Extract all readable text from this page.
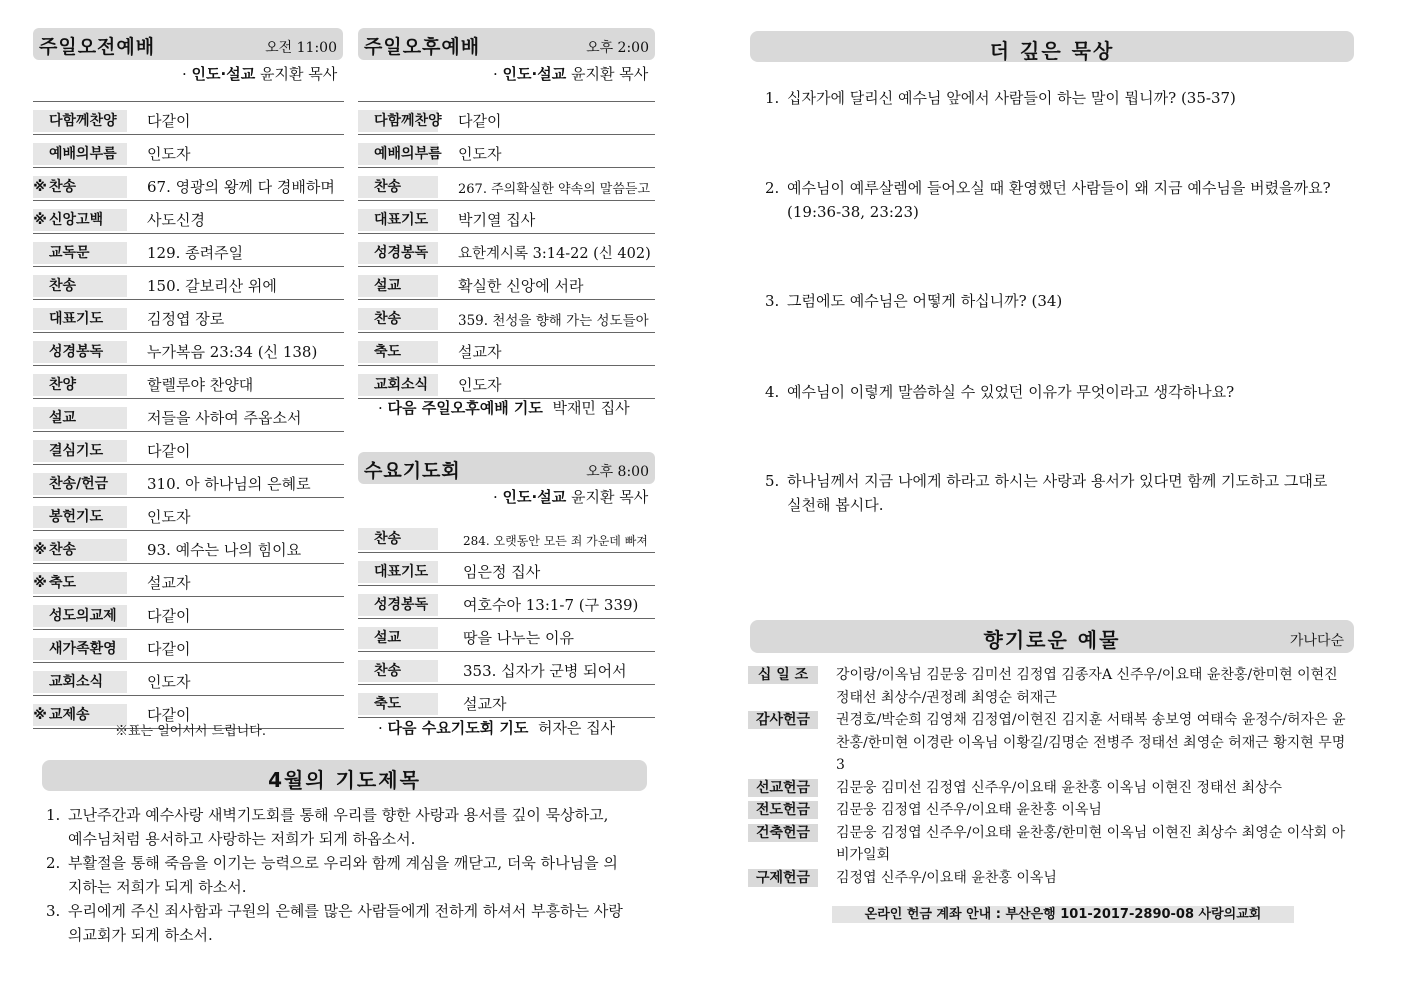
주일오전예배	오전 11:00
· 인도·설교 윤지환 목사
다함께찬양	다같이
예배의부름	인도자
※ 찬송	67. 영광의 왕께 다 경배하며
※ 신앙고백	사도신경
교독문	129. 종려주일
찬송	150. 갈보리산 위에
대표기도	김정엽 장로
성경봉독	누가복음 23:34 (신 138)
찬양	할렐루야 찬양대
설교	저들을 사하여 주옵소서
결심기도	다같이
찬송/헌금	310. 아 하나님의 은혜로
봉헌기도	인도자
※ 찬송	93. 예수는 나의 힘이요
※ 축도	설교자
성도의교제	다같이
새가족환영	다같이
교회소식	인도자
※ 교제송	다같이
※표는 일어서서 드립니다.
주일오후예배	오후 2:00
· 인도·설교 윤지환 목사
다함께찬양 다같이
예배의부름 인도자
찬송	267. 주의확실한 약속의 말씀듣고
대표기도	박기열 집사
성경봉독	요한계시록 3:14-22 (신 402)
설교	확실한 신앙에 서라
찬송	359. 천성을 향해 가는 성도들아
축도	설교자
교회소식	인도자
· 다음 주일오후예배 기도 박재민 집사
수요기도회	오후 8:00
· 인도·설교 윤지환 목사
찬송	284. 오랫동안 모든 죄 가운데 빠져
대표기도	임은정 집사
성경봉독	여호수아 13:1-7 (구 339)
설교	땅을 나누는 이유
찬송	353. 십자가 군병 되어서
축도	설교자
· 다음 수요기도회 기도 허자은 집사
4월의 기도제목
1. 고난주간과 예수사랑 새벽기도회를 통해 우리를 향한 사랑과 용서를 깊이 묵상하고, 예수님처럼 용서하고 사랑하는 저희가 되게 하옵소서.
2. 부활절을 통해 죽음을 이기는 능력으로 우리와 함께 계심을 깨닫고, 더욱 하나님을 의지하는 저희가 되게 하소서.
3. 우리에게 주신 죄사함과 구원의 은혜를 많은 사람들에게 전하게 하셔서 부흥하는 사랑의교회가 되게 하소서.
더 깊은 묵상
1. 십자가에 달리신 예수님 앞에서 사람들이 하는 말이 뭡니까? (35-37)
2. 예수님이 예루살렘에 들어오실 때 환영했던 사람들이 왜 지금 예수님을 버렸을까요? (19:36-38, 23:23)
3. 그럼에도 예수님은 어떻게 하십니까? (34)
4. 예수님이 이렇게 말씀하실 수 있었던 이유가 무엇이라고 생각하나요?
5. 하나님께서 지금 나에게 하라고 하시는 사랑과 용서가 있다면 함께 기도하고 그대로 실천해 봅시다.
향기로운 예물	가나다순
십 일 조	강이랑/이옥님 김문웅 김미선 김정엽 김종자A 신주우/이요태 윤찬홍/한미현 이현진 정태선 최상수/권정례 최영순 허재근
감사헌금	권경호/박순희 김영채 김정엽/이현진 김지훈 서태복 송보영 여태숙 윤정수/허자은 윤찬홍/한미현 이경란 이옥님 이황길/김명순 전병주 정태선 최영순 허재근 황지현 무명3
선교헌금	김문웅 김미선 김정엽 신주우/이요태 윤찬홍 이옥님 이현진 정태선 최상수
전도헌금	김문웅 김정엽 신주우/이요태 윤찬홍 이옥님
건축헌금	김문웅 김정엽 신주우/이요태 윤찬홍/한미현 이옥님 이현진 최상수 최영순 이삭회 아비가일회
구제헌금	김정엽 신주우/이요태 윤찬홍 이옥님
온라인 헌금 계좌 안내 : 부산은행 101-2017-2890-08 사랑의교회
